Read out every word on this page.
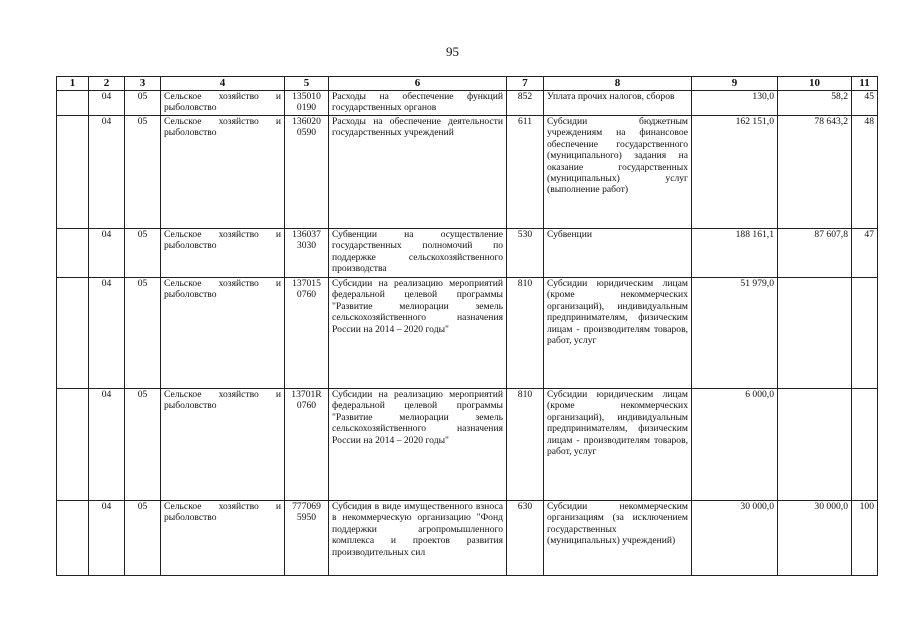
95
1	2	3	4	5	6	7	8	9	10	11
	04	05	Сельское хозяйство и рыболовство	135010 0190	Расходы на обеспечение функций государственных органов	852	Уплата прочих налогов, сборов	130,0	58,2	45
	04	05	Сельское хозяйство и рыболовство	136020 0590	Расходы на обеспечение деятельности государственных учреждений	611	Субсидии бюджетным учреждениям на финансовое обеспечение государственного (муниципального) задания на оказание государственных (муниципальных) услуг (выполнение работ)	162 151,0	78 643,2	48
	04	05	Сельское хозяйство и рыболовство	136037 3030	Субвенции на осуществление государственных полномочий по поддержке сельскохозяйственного производства	530	Субвенции	188 161,1	87 607,8	47
	04	05	Сельское хозяйство и рыболовство	137015 0760	Субсидии на реализацию мероприятий федеральной целевой программы "Развитие мелиорации земель сельскохозяйственного назначения России на 2014 – 2020 годы"	810	Субсидии юридическим лицам (кроме некоммерческих организаций), индивидуальным предпринимателям, физическим лицам - производителям товаров, работ, услуг	51 979,0		
	04	05	Сельское хозяйство и рыболовство	13701R 0760	Субсидии на реализацию мероприятий федеральной целевой программы "Развитие мелиорации земель сельскохозяйственного назначения России на 2014 – 2020 годы"	810	Субсидии юридическим лицам (кроме некоммерческих организаций), индивидуальным предпринимателям, физическим лицам - производителям товаров, работ, услуг	6 000,0		
	04	05	Сельское хозяйство и рыболовство	777069 5950	Субсидия в виде имущественного взноса в некоммерческую организацию "Фонд поддержки агропромышленного комплекса и проектов развития производительных сил	630	Субсидии некоммерческим организациям (за исключением государственных (муниципальных) учреждений)	30 000,0	30 000,0	100
